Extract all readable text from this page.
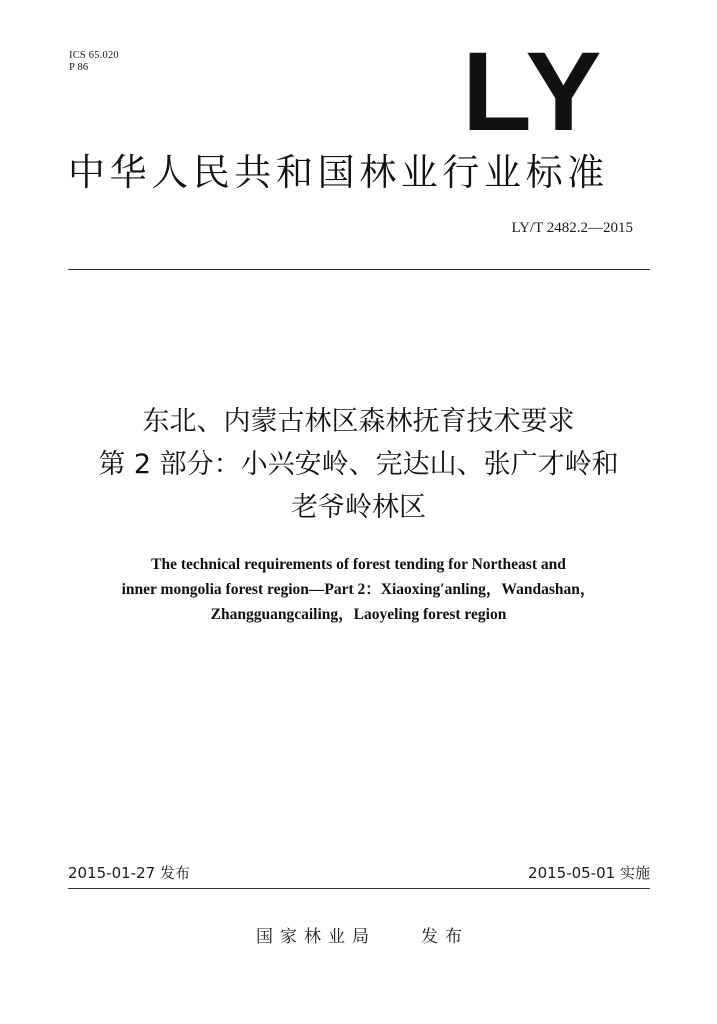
ICS 65.020
P 86	LY
中华人民共和国林业行业标准
LY/T 2482.2—2015
东北、内蒙古林区森林抚育技术要求
第 2 部分：小兴安岭、完达山、张广才岭和
老爷岭林区
The technical requirements of forest tending for Northeast and
inner mongolia forest region—Part 2：Xiaoxing′anling，Wandashan，
Zhangguangcailing，Laoyeling forest region
2015-01-27 发布	2015-05-01 实施
国家林业局	发布
